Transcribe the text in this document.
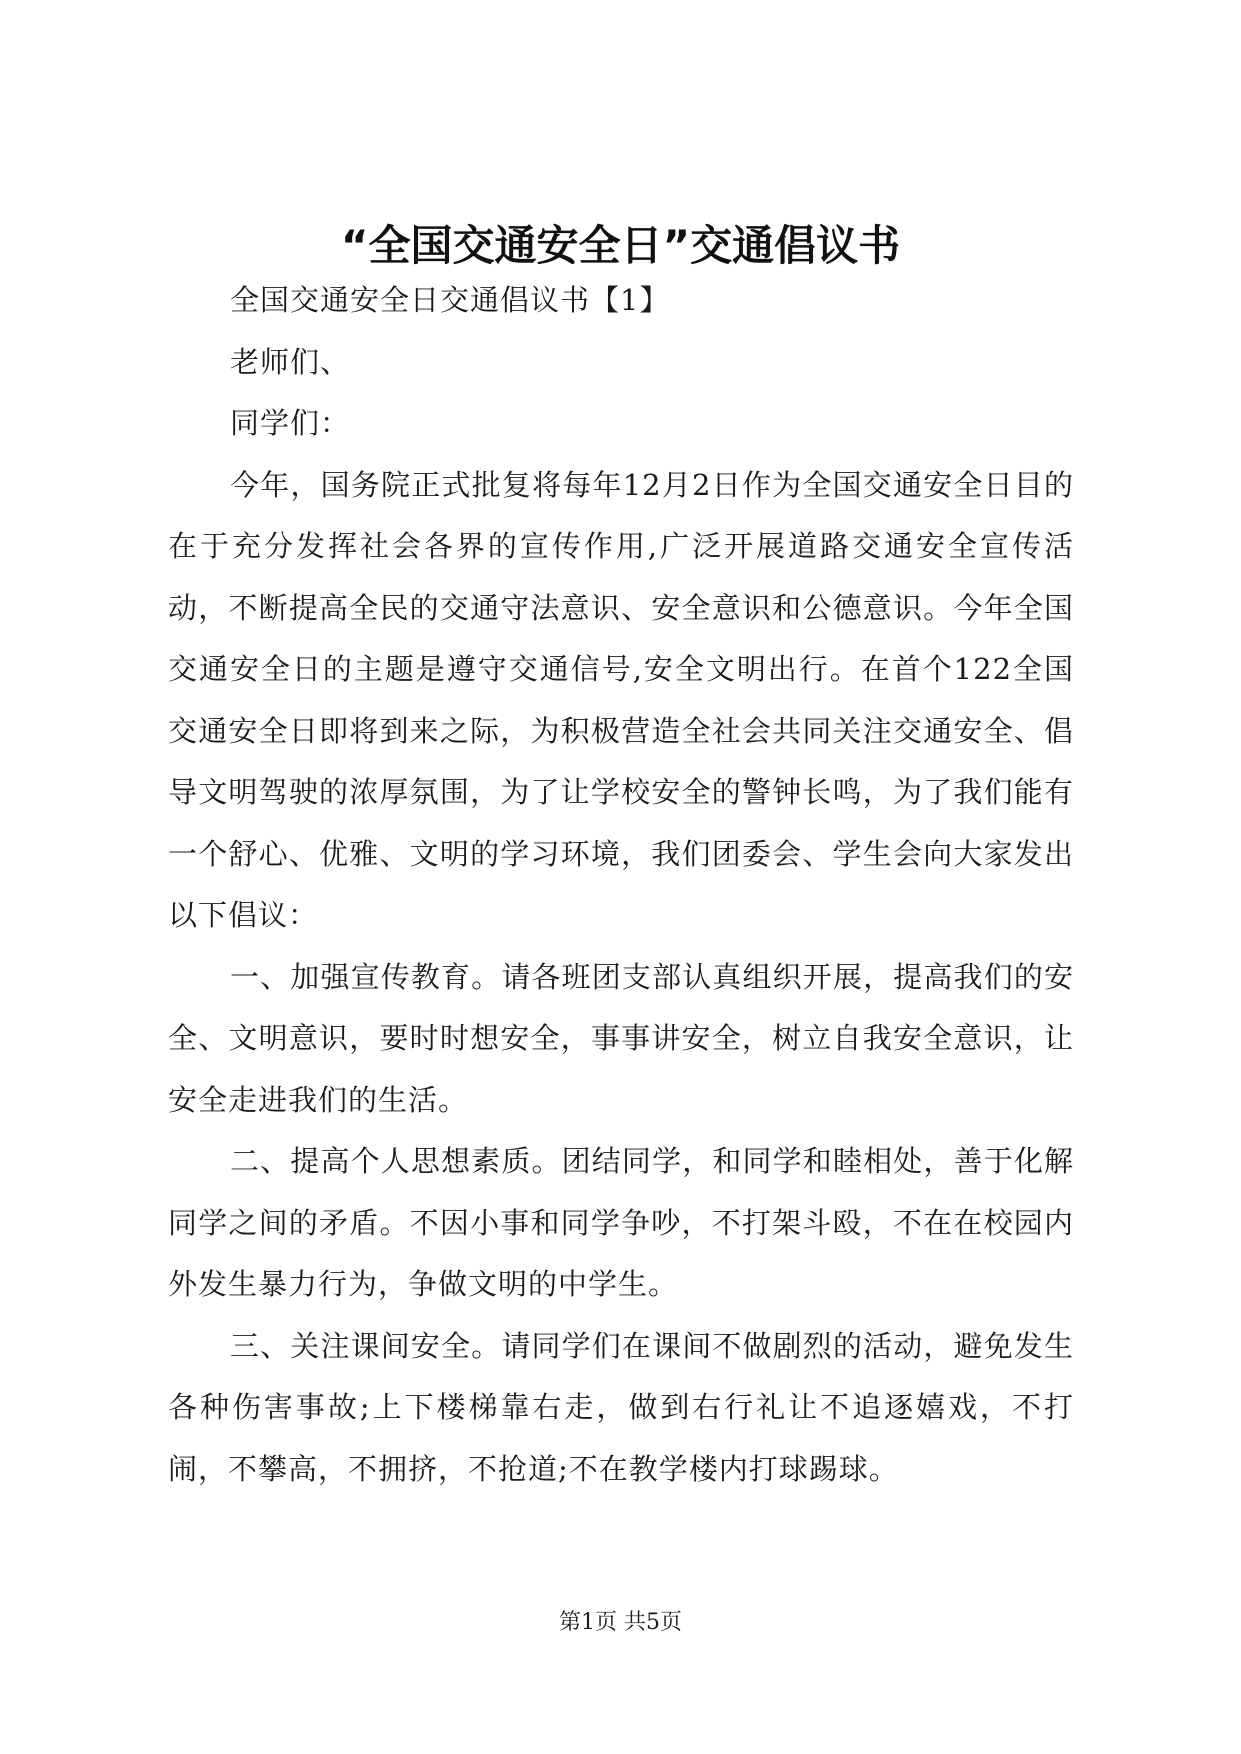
“全国交通安全日”交通倡议书

全国交通安全日交通倡议书【1】

老师们、

同学们：

今年，国务院正式批复将每年12月2日作为全国交通安全日目的在于充分发挥社会各界的宣传作用,广泛开展道路交通安全宣传活动，不断提高全民的交通守法意识、安全意识和公德意识。今年全国交通安全日的主题是遵守交通信号,安全文明出行。在首个122全国交通安全日即将到来之际，为积极营造全社会共同关注交通安全、倡导文明驾驶的浓厚氛围，为了让学校安全的警钟长鸣，为了我们能有一个舒心、优雅、文明的学习环境，我们团委会、学生会向大家发出以下倡议：

一、加强宣传教育。请各班团支部认真组织开展，提高我们的安全、文明意识，要时时想安全，事事讲安全，树立自我安全意识，让安全走进我们的生活。

二、提高个人思想素质。团结同学，和同学和睦相处，善于化解同学之间的矛盾。不因小事和同学争吵，不打架斗殴，不在在校园内外发生暴力行为，争做文明的中学生。

三、关注课间安全。请同学们在课间不做剧烈的活动，避免发生各种伤害事故;上下楼梯靠右走，做到右行礼让不追逐嬉戏，不打闹，不攀高，不拥挤，不抢道;不在教学楼内打球踢球。

第1页 共5页
